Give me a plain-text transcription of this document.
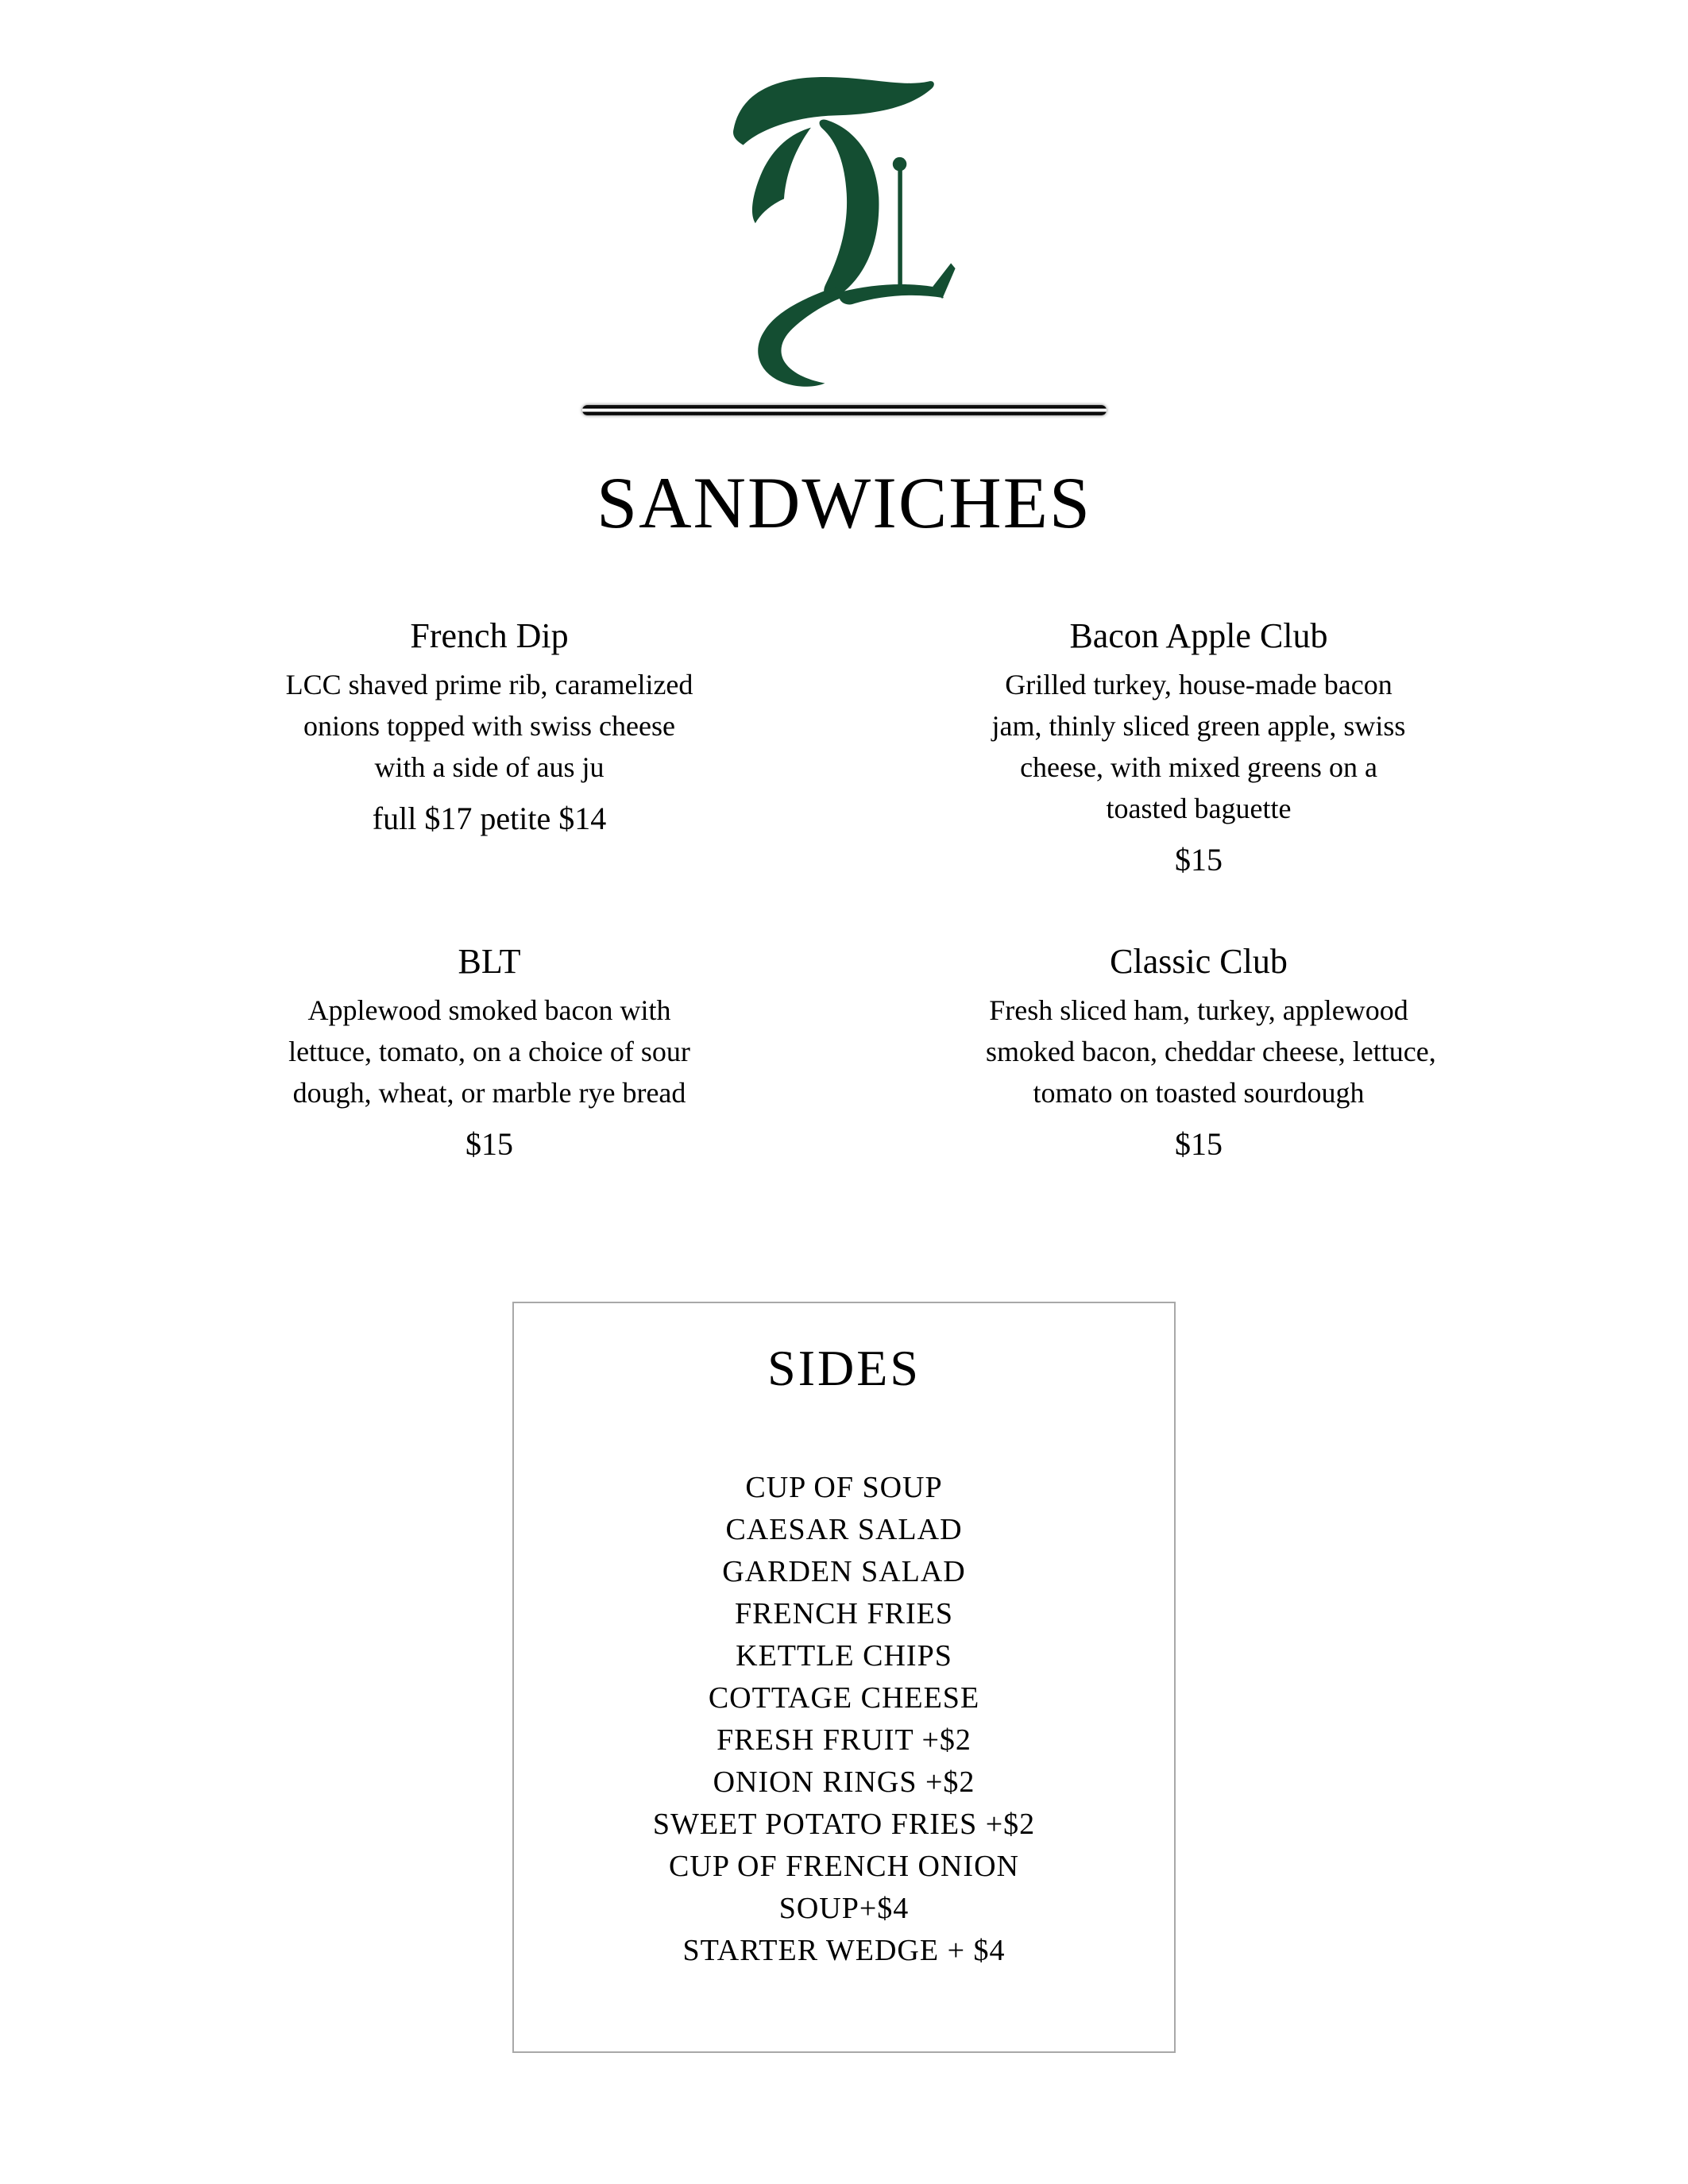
SANDWICHES
French Dip
LCC shaved prime rib, caramelized
onions topped with swiss cheese
with a side of aus ju
full $17 petite $14
Bacon Apple Club
Grilled turkey, house-made bacon
jam, thinly sliced green apple, swiss
cheese, with mixed greens on a
toasted baguette
$15
BLT
Applewood smoked bacon with
lettuce, tomato, on a choice of sour
dough, wheat, or marble rye bread
$15
Classic Club
Fresh sliced ham, turkey, applewood
smoked bacon, cheddar cheese, lettuce,
tomato on toasted sourdough
$15
SIDES
CUP OF SOUP
CAESAR SALAD
GARDEN SALAD
FRENCH FRIES
KETTLE CHIPS
COTTAGE CHEESE
FRESH FRUIT +$2
ONION RINGS +$2
SWEET POTATO FRIES +$2
CUP OF FRENCH ONION SOUP+$4
STARTER WEDGE + $4
